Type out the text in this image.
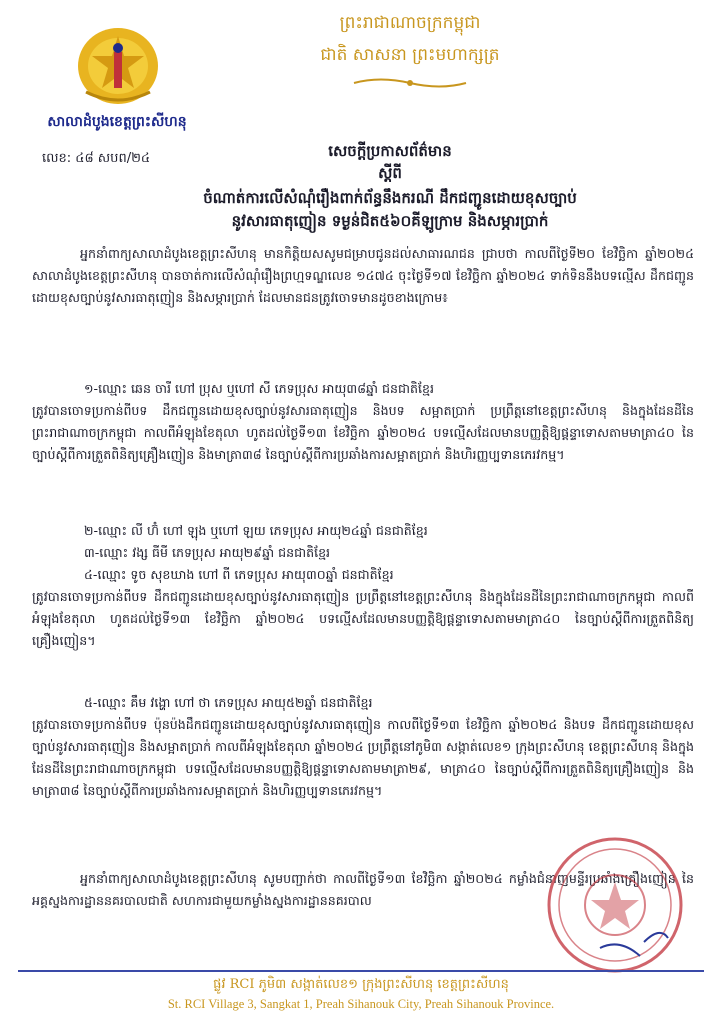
សាលាដំបូងខេត្តព្រះសីហនុ
ព្រះរាជាណាចក្រកម្ពុជា
ជាតិ សាសនា ព្រះមហាក្សត្រ
លេខ: ៤៨ សបព/២៤	សេចក្តីប្រកាសព័ត៌មាន
ស្តីពី
ចំណាត់ការលើសំណុំរឿងពាក់ព័ន្ធនឹងករណី ដឹកជញ្ជូនដោយខុសច្បាប់
នូវសារធាតុញៀន ទម្ងន់ជិត៥៦០គីឡូក្រាម និងសម្ភារប្រាក់
អ្នកនាំពាក្យសាលាដំបូងខេត្តព្រះសីហនុ មានកិត្តិយសសូមជម្រាបជូនដល់សាធារណជន ជ្រាបថា កាលពីថ្ងៃទី២០ ខែវិច្ឆិកា ឆ្នាំ២០២៤ សាលាដំបូងខេត្តព្រះសីហនុ បានចាត់ការលើសំណុំរឿងព្រហ្មទណ្ឌលេខ ១៤៧៤ ចុះថ្ងៃទី១៧ ខែវិច្ឆិកា ឆ្នាំ២០២៤ ទាក់ទិននឹងបទល្មើស ដឹកជញ្ជូនដោយខុសច្បាប់នូវសារធាតុញៀន និងសម្ភារប្រាក់ ដែលមានជនត្រូវចោទមានដូចខាងក្រោម៖
១-ឈ្មោះ ឆេន ចារី ហៅ ប្រុស ឬហៅ សី ភេទប្រុស អាយុ៣៨ឆ្នាំ ជនជាតិខ្មែរ
ត្រូវបានចោទប្រកាន់ពីបទ ដឹកជញ្ជូនដោយខុសច្បាប់នូវសារធាតុញៀន និងបទ សម្អាតប្រាក់ ប្រព្រឹត្តនៅខេត្តព្រះសីហនុ និងក្នុងដែនដីនៃព្រះរាជាណាចក្រកម្ពុជា កាលពីអំឡុងខែតុលា ហូតដល់ថ្ងៃទី១៣ ខែវិច្ឆិកា ឆ្នាំ២០២៤ បទល្មើសដែលមានបញ្ញត្តិឱ្យផ្តន្ទាទោសតាមមាត្រា៤០ នៃច្បាប់ស្តីពីការត្រួតពិនិត្យគ្រឿងញៀន និងមាត្រា៣៨ នៃច្បាប់ស្តីពីការប្រឆាំងការសម្អាតប្រាក់ និងហិរញ្ញប្បទានភេរវកម្ម។
២-ឈ្មោះ លី ហ៊ំ ហៅ ឡុង ឬហៅ ឡយ ភេទប្រុស អាយុ២៤ឆ្នាំ ជនជាតិខ្មែរ
៣-ឈ្មោះ វង្ស ធីមី ភេទប្រុស អាយុ២៩ឆ្នាំ ជនជាតិខ្មែរ
៤-ឈ្មោះ ទូច សុខឃាង ហៅ ពី ភេទប្រុស អាយុ៣០ឆ្នាំ ជនជាតិខ្មែរ
ត្រូវបានចោទប្រកាន់ពីបទ ដឹកជញ្ជូនដោយខុសច្បាប់នូវសារធាតុញៀន ប្រព្រឹត្តនៅខេត្តព្រះសីហនុ និងក្នុងដែនដីនៃព្រះរាជាណាចក្រកម្ពុជា កាលពីអំឡុងខែតុលា ហូតដល់ថ្ងៃទី១៣ ខែវិច្ឆិកា ឆ្នាំ២០២៤ បទល្មើសដែលមានបញ្ញត្តិឱ្យផ្តន្ទាទោសតាមមាត្រា៤០ នៃច្បាប់ស្តីពីការត្រួតពិនិត្យគ្រឿងញៀន។
៥-ឈ្មោះ គឹម វង្ហោ ហៅ ថា ភេទប្រុស អាយុ៥២ឆ្នាំ ជនជាតិខ្មែរ
ត្រូវបានចោទប្រកាន់ពីបទ ប៉ុនប៉ងដឹកជញ្ជូនដោយខុសច្បាប់នូវសារធាតុញៀន កាលពីថ្ងៃទី១៣ ខែវិច្ឆិកា ឆ្នាំ២០២៤ និងបទ ដឹកជញ្ជូនដោយខុសច្បាប់នូវសារធាតុញៀន និងសម្អាតប្រាក់ កាលពីអំឡុងខែតុលា ឆ្នាំ២០២៤ ប្រព្រឹត្តនៅភូមិ៣ សង្កាត់លេខ១ ក្រុងព្រះសីហនុ ខេត្តព្រះសីហនុ និងក្នុងដែនដីនៃព្រះរាជាណាចក្រកម្ពុជា បទល្មើសដែលមានបញ្ញត្តិឱ្យផ្តន្ទាទោសតាមមាត្រា២៩, មាត្រា៤០ នៃច្បាប់ស្តីពីការត្រួតពិនិត្យគ្រឿងញៀន និងមាត្រា៣៨ នៃច្បាប់ស្តីពីការប្រឆាំងការសម្អាតប្រាក់ និងហិរញ្ញប្បទានភេរវកម្ម។
អ្នកនាំពាក្យសាលាដំបូងខេត្តព្រះសីហនុ សូមបញ្ជាក់ថា កាលពីថ្ងៃទី១៣ ខែវិច្ឆិកា ឆ្នាំ២០២៤ កម្លាំងជំនាញមន្ទីរប្រឆាំងគ្រឿងញៀន នៃអគ្គស្នងការដ្ឋាននគរបាលជាតិ សហការជាមួយកម្លាំងស្នងការដ្ឋាននគរបាល
ផ្លូវ RCI ភូមិ៣ សង្កាត់លេខ១ ក្រុងព្រះសីហនុ ខេត្តព្រះសីហនុ
St. RCI Village 3, Sangkat 1, Preah Sihanouk City, Preah Sihanouk Province.
